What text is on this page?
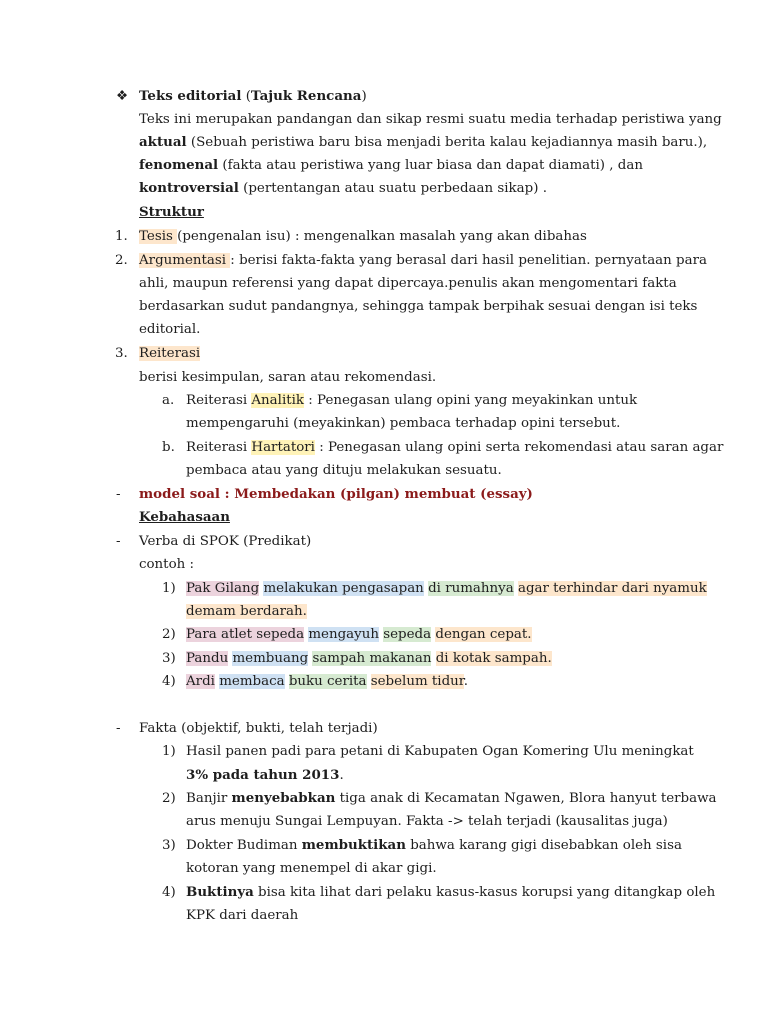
❖ Teks editorial (Tajuk Rencana)
Teks ini merupakan pandangan dan sikap resmi suatu media terhadap peristiwa yang
aktual (Sebuah peristiwa baru bisa menjadi berita kalau kejadiannya masih baru.),
fenomenal (fakta atau peristiwa yang luar biasa dan dapat diamati) , dan
kontroversial (pertentangan atau suatu perbedaan sikap) .
Struktur
1. Tesis (pengenalan isu) : mengenalkan masalah yang akan dibahas
2. Argumentasi : berisi fakta-fakta yang berasal dari hasil penelitian. pernyataan para
ahli, maupun referensi yang dapat dipercaya.penulis akan mengomentari fakta
berdasarkan sudut pandangnya, sehingga tampak berpihak sesuai dengan isi teks
editorial.
3. Reiterasi
berisi kesimpulan, saran atau rekomendasi.
a. Reiterasi Analitik : Penegasan ulang opini yang meyakinkan untuk
mempengaruhi (meyakinkan) pembaca terhadap opini tersebut.
b. Reiterasi Hartatori : Penegasan ulang opini serta rekomendasi atau saran agar
pembaca atau yang dituju melakukan sesuatu.
- model soal : Membedakan (pilgan) membuat (essay)
Kebahasaan
- Verba di SPOK (Predikat)
contoh :
1) Pak Gilang melakukan pengasapan di rumahnya agar terhindar dari nyamuk
demam berdarah.
2) Para atlet sepeda mengayuh sepeda dengan cepat.
3) Pandu membuang sampah makanan di kotak sampah.
4) Ardi membaca buku cerita sebelum tidur.
- Fakta (objektif, bukti, telah terjadi)
1) Hasil panen padi para petani di Kabupaten Ogan Komering Ulu meningkat
3% pada tahun 2013.
2) Banjir menyebabkan tiga anak di Kecamatan Ngawen, Blora hanyut terbawa
arus menuju Sungai Lempuyan. Fakta -> telah terjadi (kausalitas juga)
3) Dokter Budiman membuktikan bahwa karang gigi disebabkan oleh sisa
kotoran yang menempel di akar gigi.
4) Buktinya bisa kita lihat dari pelaku kasus-kasus korupsi yang ditangkap oleh
KPK dari daerah
